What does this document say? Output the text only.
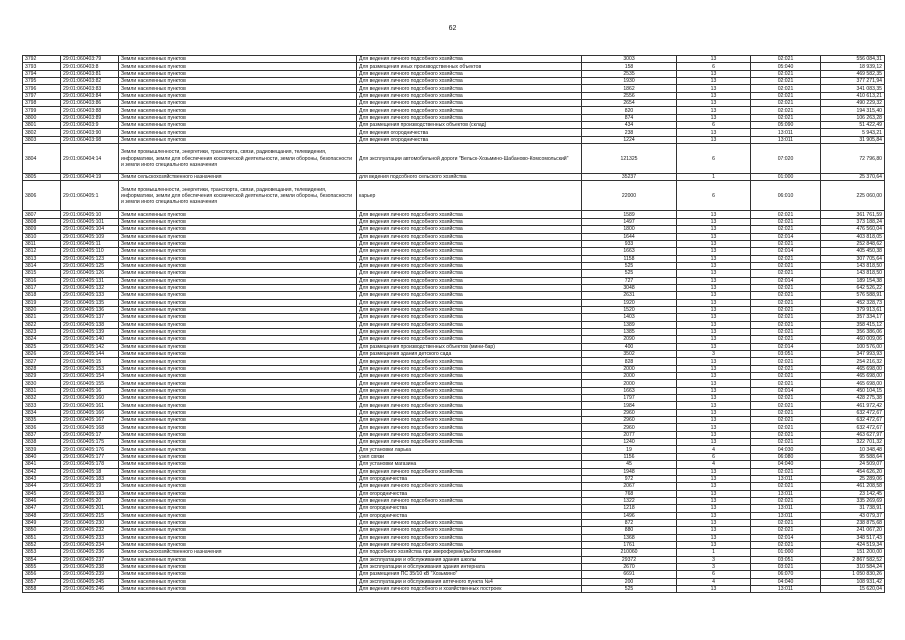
62
3792	29:01:060403:79	Земли населенных пунктов	Для ведения личного подсобного хозяйства	3003	13	02:021	556 084,31
3793	29:01:060403:8	Земли населенных пунктов	Для размещения иных производственных объектов	158	6	05:040	18 939,12
3794	29:01:060403:81	Земли населенных пунктов	Для ведения личного подсобного хозяйства	2535	13	02:021	469 582,35
3795	29:01:060403:82	Земли населенных пунктов	Для ведения личного подсобного хозяйства	1930	13	02:021	377 271,94
3796	29:01:060403:83	Земли населенных пунктов	Для ведения личного подсобного хозяйства	1862	13	02:021	341 083,35
3797	29:01:060403:84	Земли населенных пунктов	Для ведения личного подсобного хозяйства	2556	13	02:021	410 613,21
3798	29:01:060403:86	Земли населенных пунктов	Для ведения личного подсобного хозяйства	2654	13	02:021	490 229,32
3799	29:01:060403:88	Земли населенных пунктов	Для ведения личного подсобного хозяйства	820	13	02:021	194 315,40
3800	29:01:060403:89	Земли населенных пунктов	Для ведения личного подсобного хозяйства	874	13	02:021	106 263,28
3801	29:01:060403:9	Земли населенных пунктов	Для размещения производственных объектов (склад)	434	6	05:090	51 422,49
3802	29:01:060403:90	Земли населенных пунктов	Для ведения огородничества	238	13	13:011	5 943,21
3803	29:01:060403:98	Земли населенных пунктов	Для ведения огородничества	1224	13	13:011	31 905,84
3804	29:01:060404:14	Земли промышленности, энергетики, транспорта, связи, радиовещания, телевидения, информатики, земли для обеспечения космической деятельности, земли обороны, безопасности и земли иного специального назначения	Для эксплуатации автомобильной дороги "Вельск-Хозьмино-Шабаново-Комсомольский"	121325	6	07:020	72 796,80
3805	29:01:060404:19	Земли сельскохозяйственного назначения	для ведения подсобного сельского хозяйства	35237	1	01:000	25 370,64
3806	29:01:060405:1	Земли промышленности, энергетики, транспорта, связи, радиовещания, телевидения, информатики, земли для обеспечения космической деятельности, земли обороны, безопасности и земли иного специального назначения	карьер	22000	6	06:010	225 060,00
3807	29:01:060405:10	Земли населенных пунктов	Для ведения личного подсобного хозяйства	1589	13	02:021	361 761,59
3808	29:01:060405:101	Земли населенных пунктов	Для ведения личного подсобного хозяйства	1497	13	02:021	373 188,24
3809	29:01:060405:104	Земли населенных пунктов	Для ведения личного подсобного хозяйства	1800	13	02:021	476 560,04
3810	29:01:060405:109	Земли населенных пунктов	Для ведения личного подсобного хозяйства	1644	13	02:014	403 818,05
3811	29:01:060405:11	Земли населенных пунктов	Для ведения личного подсобного хозяйства	933	13	02:021	252 848,62
3812	29:01:060405:110	Земли населенных пунктов	Для ведения личного подсобного хозяйства	1663	13	02:014	405 450,38
3813	29:01:060405:123	Земли населенных пунктов	Для ведения личного подсобного хозяйства	1158	13	02:021	307 705,64
3814	29:01:060405:125	Земли населенных пунктов	Для ведения личного подсобного хозяйства	525	13	02:021	143 818,50
3815	29:01:060405:126	Земли населенных пунктов	Для ведения личного подсобного хозяйства	525	13	02:021	143 818,50
3816	29:01:060405:131	Земли населенных пунктов	Для ведения личного подсобного хозяйства	727	13	02:014	189 154,38
3817	29:01:060405:132	Земли населенных пунктов	Для ведения личного подсобного хозяйства	3048	13	02:021	642 526,22
3818	29:01:060405:133	Земли населенных пунктов	Для ведения личного подсобного хозяйства	2631	13	02:021	576 588,91
3819	29:01:060405:135	Земли населенных пунктов	Для ведения личного подсобного хозяйства	1920	13	02:021	452 328,73
3820	29:01:060405:136	Земли населенных пунктов	Для ведения личного подсобного хозяйства	1520	13	02:021	379 913,61
3821	29:01:060405:137	Земли населенных пунктов	Для ведения личного подсобного хозяйства	1403	13	02:021	357 334,17
3822	29:01:060405:138	Земли населенных пунктов	Для ведения личного подсобного хозяйства	1389	13	02:021	358 415,12
3823	29:01:060405:139	Земли населенных пунктов	Для ведения личного подсобного хозяйства	1385	13	02:021	356 386,06
3824	29:01:060405:140	Земли населенных пунктов	Для ведения личного подсобного хозяйства	2090	13	02:021	460 009,06
3825	29:01:060405:142	Земли населенных пунктов	Для размещения производственных объектов (мини-бар)	400	13	02:014	100 576,00
3826	29:01:060405:144	Земли населенных пунктов	Для размещения здания детского сада	3502	3	03:051	347 993,93
3827	29:01:060405:15	Земли населенных пунктов	Для ведения личного подсобного хозяйства	828	13	02:021	254 216,32
3828	29:01:060405:153	Земли населенных пунктов	Для ведения личного подсобного хозяйства	2000	13	02:021	465 698,00
3829	29:01:060405:154	Земли населенных пунктов	Для ведения личного подсобного хозяйства	2000	13	02:021	465 698,00
3830	29:01:060405:155	Земли населенных пунктов	Для ведения личного подсобного хозяйства	2000	13	02:021	465 698,00
3831	29:01:060405:16	Земли населенных пунктов	Для ведения личного подсобного хозяйства	1663	13	02:014	450 104,15
3832	29:01:060405:160	Земли населенных пунктов	Для ведения личного подсобного хозяйства	1797	13	02:021	428 275,38
3833	29:01:060405:161	Земли населенных пунктов	Для ведения личного подсобного хозяйства	1984	13	02:021	461 972,42
3834	29:01:060405:166	Земли населенных пунктов	Для ведения личного подсобного хозяйства	2960	13	02:021	632 472,67
3835	29:01:060405:167	Земли населенных пунктов	Для ведения личного подсобного хозяйства	2960	13	02:021	632 472,67
3836	29:01:060405:168	Земли населенных пунктов	Для ведения личного подсобного хозяйства	2960	13	02:021	632 472,67
3837	29:01:060405:17	Земли населенных пунктов	Для ведения личного подсобного хозяйства	2077	13	02:021	463 627,97
3838	29:01:060405:175	Земли населенных пунктов	Для ведения личного подсобного хозяйства	1240	13	02:021	322 701,32
3839	29:01:060405:176	Земли населенных пунктов	Для установки ларька	19	4	04:030	10 348,48
3840	29:01:060405:177	Земли населенных пунктов	узел связи	1156	6	06:080	95 588,64
3841	29:01:060405:178	Земли населенных пунктов	Для установки магазина	45	4	04:040	24 509,07
3842	29:01:060405:18	Земли населенных пунктов	Для ведения личного подсобного хозяйства	1948	13	02:021	454 626,20
3843	29:01:060405:183	Земли населенных пунктов	Для огородничества	972	13	13:011	25 289,06
3844	29:01:060405:19	Земли населенных пунктов	Для ведения личного подсобного хозяйства	2067	13	02:021	461 208,58
3845	29:01:060405:193	Земли населенных пунктов	Для огородничества	768	13	13:011	23 142,45
3846	29:01:060405:20	Земли населенных пунктов	Для ведения личного подсобного хозяйства	1322	13	02:021	335 269,69
3847	29:01:060405:201	Земли населенных пунктов	Для огородничества	1218	13	13:011	31 738,91
3848	29:01:060405:215	Земли населенных пунктов	Для огородничества	1496	13	13:011	43 079,37
3849	29:01:060405:230	Земли населенных пунктов	Для ведения личного подсобного хозяйства	872	13	02:021	238 875,68
3850	29:01:060405:232	Земли населенных пунктов	Для ведения личного подсобного хозяйства	880	13	02:021	241 067,20
3851	29:01:060405:233	Земли населенных пунктов	Для ведения личного подсобного хозяйства	1368	13	02:014	348 517,43
3852	29:01:060405:234	Земли населенных пунктов	Для ведения личного подсобного хозяйства	1761	13	02:021	424 519,34
3853	29:01:060405:236	Земли сельскохозяйственного назначения	Для подсобного хозяйства при звероферме/рыбопитомнике	210060	1	01:000	151 200,00
3854	29:01:060405:237	Земли населенных пунктов	Для эксплуатации и обслуживания здания школы	29372	3	03:051	2 867 582,52
3855	29:01:060405:238	Земли населенных пунктов	Для эксплуатации и обслуживания здания интерната	2670	3	03:021	310 584,24
3856	29:01:060405:239	Земли населенных пунктов	Для размещения ПС 35/10 кВ "Хозьмино"	6691	6	06:070	1 050 830,26
3857	29:01:060405:245	Земли населенных пунктов	Для эксплуатации и обслуживания аптечного пункта №4	200	4	04:040	108 931,42
3858	29:01:060405:246	Земли населенных пунктов	Для ведения личного подсобного и хозяйственных построек	525	13	13:011	15 620,04
